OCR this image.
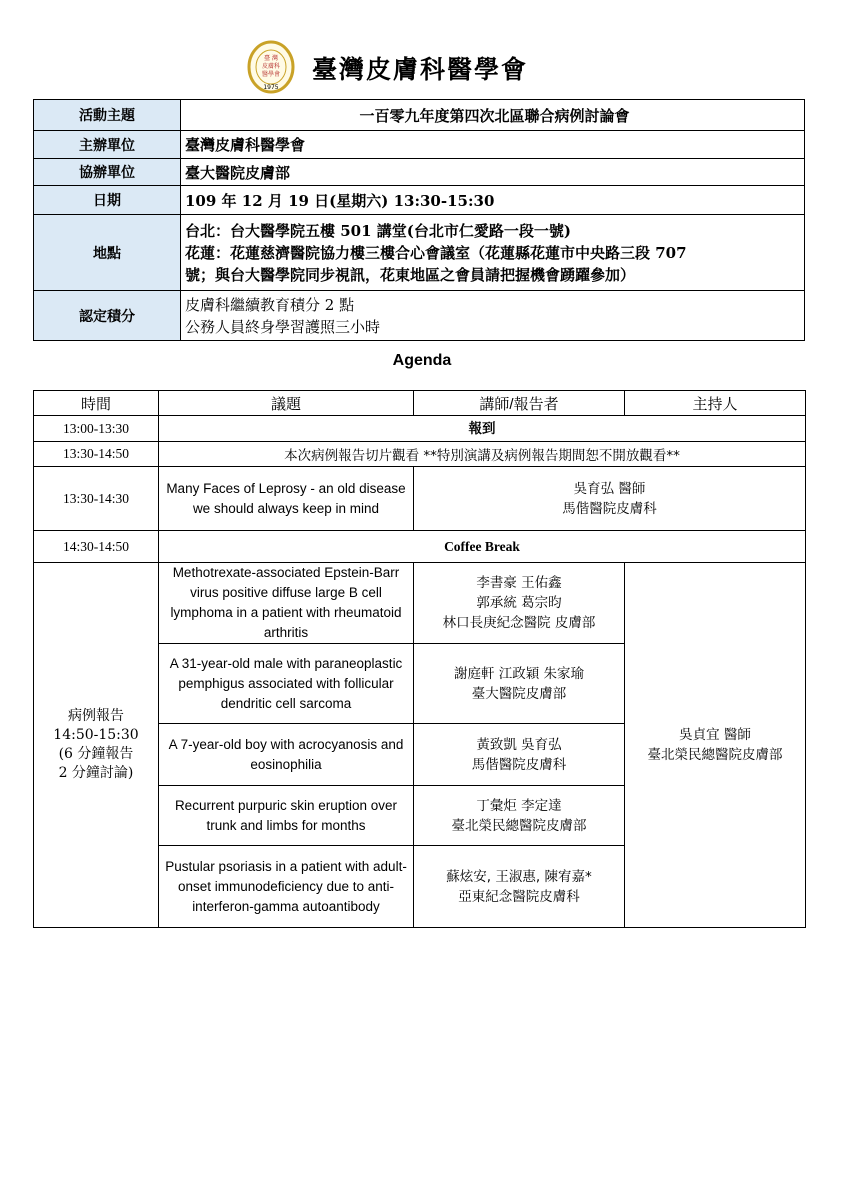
臺 灣
皮膚科
醫學會
1975
臺灣皮膚科醫學會
活動主題	一百零九年度第四次北區聯合病例討論會
主辦單位	臺灣皮膚科醫學會
協辦單位	臺大醫院皮膚部
日期	109 年 12 月 19 日(星期六) 13:30-15:30
地點	台北：台大醫學院五樓 501 講堂(台北市仁愛路一段一號)
花蓮：花蓮慈濟醫院協力樓三樓合心會議室（花蓮縣花蓮市中央路三段 707
號；與台大醫學院同步視訊，花東地區之會員請把握機會踴躍參加）

認定積分	皮膚科繼續教育積分 2 點
公務人員終身學習護照三小時
Agenda
時間	議題	講師/報告者	主持人
13:00-13:30	報到		
13:30-14:50	本次病例報告切片觀看 **特別演講及病例報告期間恕不開放觀看**		
13:30-14:30	Many Faces of Leprosy - an old disease we should always keep in mind	吳育弘 醫師
馬偕醫院皮膚科	

14:30-14:50	Coffee Break		

病例報告
14:50-15:30
(6 分鐘報告
2 分鐘討論)	Methotrexate-associated Epstein-Barr virus positive diffuse large B cell lymphoma in a patient with rheumatoid arthritis	李書豪 王佑鑫
郭承統 葛宗昀
林口長庚紀念醫院 皮膚部	吳貞宜 醫師
臺北榮民總醫院皮膚部

	A 31-year-old male with paraneoplastic pemphigus associated with follicular dendritic cell sarcoma	謝庭軒 江政穎 朱家瑜
臺大醫院皮膚部	

	A 7-year-old boy with acrocyanosis and eosinophilia	黃致凱 吳育弘
馬偕醫院皮膚科	

	Recurrent purpuric skin eruption over trunk and limbs for months	丁彙炬 李定達
臺北榮民總醫院皮膚部	

	Pustular psoriasis in a patient with adult-onset immunodeficiency due to anti-interferon-gamma autoantibody	蘇炫安, 王淑惠, 陳宥嘉*
亞東紀念醫院皮膚科	
